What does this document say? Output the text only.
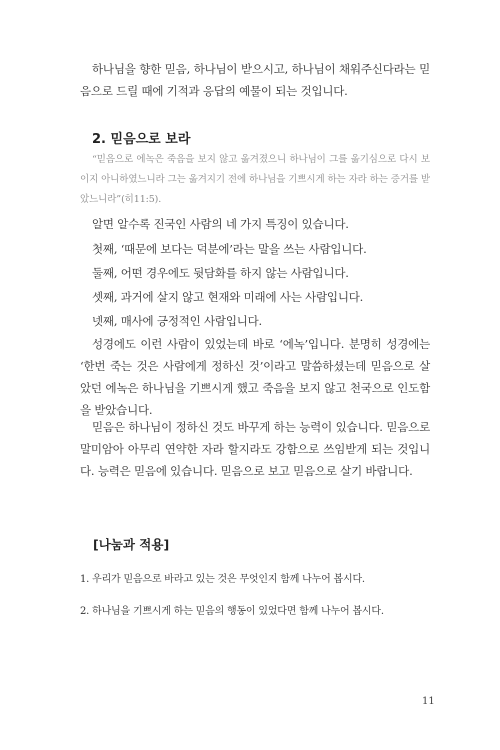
하나님을 향한 믿음, 하나님이 받으시고, 하나님이 채워주신다라는 믿음으로 드릴 때에 기적과 응답의 예물이 되는 것입니다.

2. 믿음으로 보라

“믿음으로 에녹은 죽음을 보지 않고 옮겨졌으니 하나님이 그를 옮기심으로 다시 보이지 아니하였느니라 그는 옮겨지기 전에 하나님을 기쁘시게 하는 자라 하는 증거를 받았느니라”(히11:5).

알면 알수록 진국인 사람의 네 가지 특징이 있습니다.
첫째, ‘때문에 보다는 덕분에’라는 말을 쓰는 사람입니다.
둘째, 어떤 경우에도 뒷담화를 하지 않는 사람입니다.
셋째, 과거에 살지 않고 현재와 미래에 사는 사람입니다.
넷째, 매사에 긍정적인 사람입니다.

성경에도 이런 사람이 있었는데 바로 ‘에녹’입니다. 분명히 성경에는 ‘한번 죽는 것은 사람에게 정하신 것’이라고 말씀하셨는데 믿음으로 살았던 에녹은 하나님을 기쁘시게 했고 죽음을 보지 않고 천국으로 인도함을 받았습니다.

믿음은 하나님이 정하신 것도 바꾸게 하는 능력이 있습니다. 믿음으로 말미암아 아무리 연약한 자라 할지라도 강함으로 쓰임받게 되는 것입니다. 능력은 믿음에 있습니다. 믿음으로 보고 믿음으로 살기 바랍니다.

[나눔과 적용]
1. 우리가 믿음으로 바라고 있는 것은 무엇인지 함께 나누어 봅시다.
2. 하나님을 기쁘시게 하는 믿음의 행동이 있었다면 함께 나누어 봅시다.
11
